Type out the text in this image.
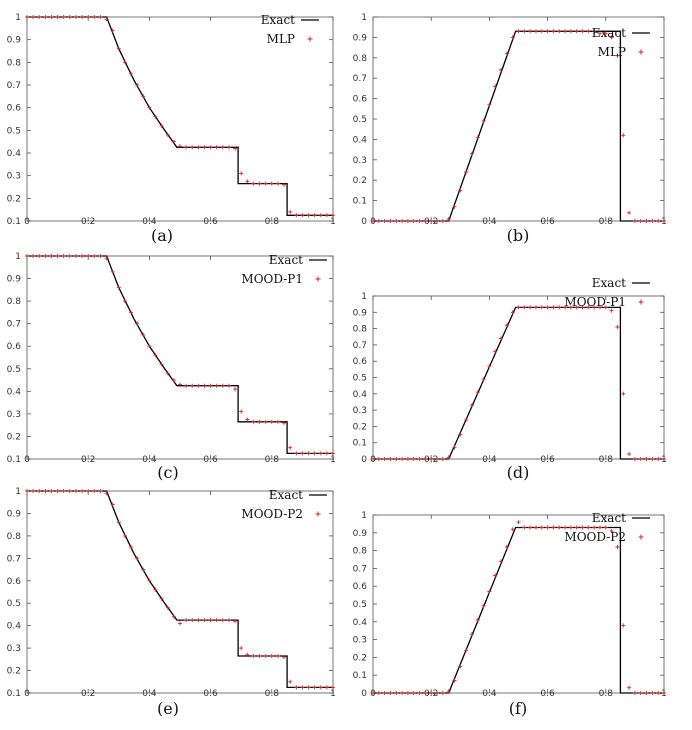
0.1
0.2
0.3
0.4
0.5
0.6
0.7
0.8
0.9
1
0	0.2	0.4	0.6	0.8	1
Exact
MLP
(a)
0
0.1
0.2
0.3
0.4
0.5
0.6
0.7
0.8
0.9
1
0	0.2	0.4	0.6	0.8	1
Exact
MLP
(b)
0.1
0.2
0.3
0.4
0.5
0.6
0.7
0.8
0.9
1
0	0.2	0.4	0.6	0.8	1
Exact
MOOD-P1
(c)
0
0.1
0.2
0.3
0.4
0.5
0.6
0.7
0.8
0.9
1
0	0.2	0.4	0.6	0.8	1
Exact
MOOD-P1
(d)
0.1
0.2
0.3
0.4
0.5
0.6
0.7
0.8
0.9
1
0	0.2	0.4	0.6	0.8	1
Exact
MOOD-P2
(e)
0
0.1
0.2
0.3
0.4
0.5
0.6
0.7
0.8
0.9
1
0	0.2	0.4	0.6	0.8	1
Exact
MOOD-P2
(f)
